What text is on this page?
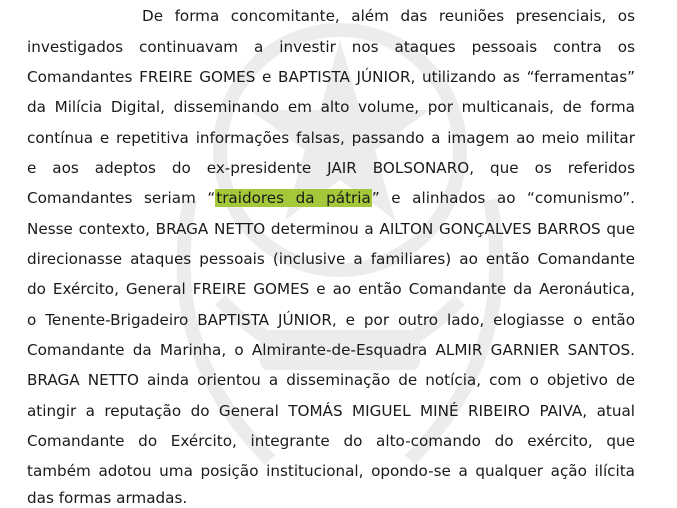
De forma concomitante, além das reuniões presenciais, os
investigados continuavam a investir nos ataques pessoais contra os
Comandantes FREIRE GOMES e BAPTISTA JÚNIOR, utilizando as “ferramentas”
da Milícia Digital, disseminando em alto volume, por multicanais, de forma
contínua e repetitiva informações falsas, passando a imagem ao meio militar
e aos adeptos do ex-presidente JAIR BOLSONARO, que os referidos
Comandantes seriam “traidores da pátria” e alinhados ao “comunismo”.
Nesse contexto, BRAGA NETTO determinou a AILTON GONÇALVES BARROS que
direcionasse ataques pessoais (inclusive a familiares) ao então Comandante
do Exército, General FREIRE GOMES e ao então Comandante da Aeronáutica,
o Tenente-Brigadeiro BAPTISTA JÚNIOR, e por outro lado, elogiasse o então
Comandante da Marinha, o Almirante-de-Esquadra ALMIR GARNIER SANTOS.
BRAGA NETTO ainda orientou a disseminação de notícia, com o objetivo de
atingir a reputação do General TOMÁS MIGUEL MINÉ RIBEIRO PAIVA, atual
Comandante do Exército, integrante do alto-comando do exército, que
também adotou uma posição institucional, opondo-se a qualquer ação ilícita
das formas armadas.
